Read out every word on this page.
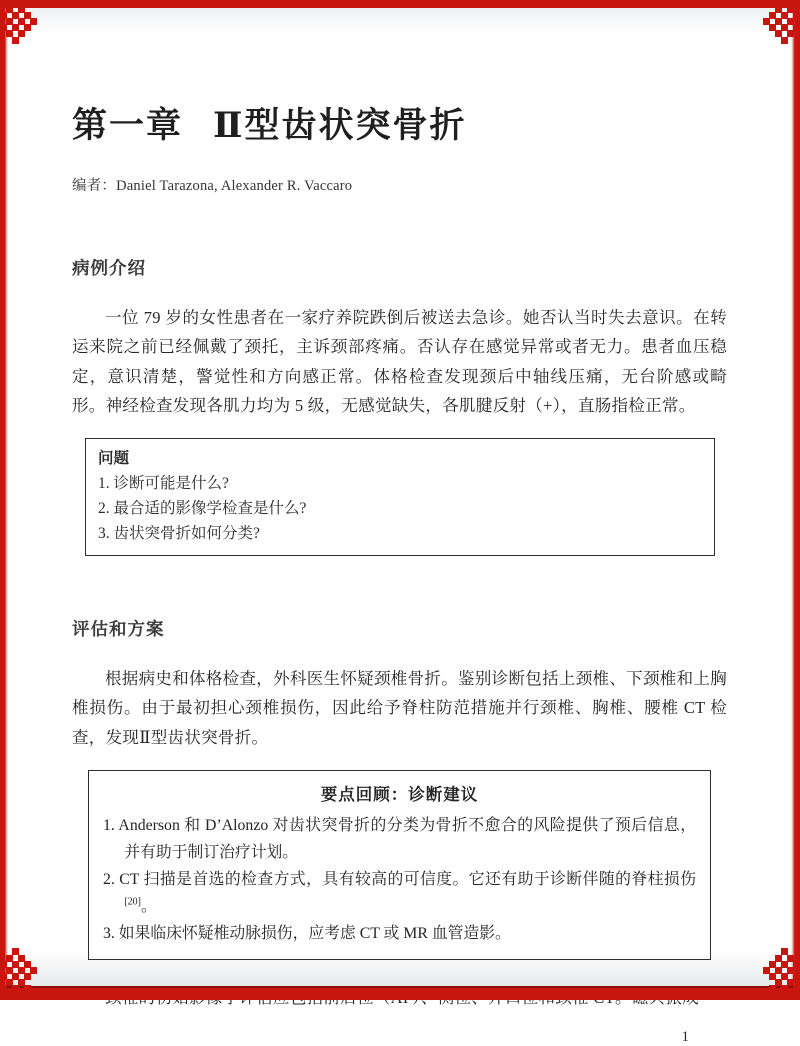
第一章 Ⅱ型齿状突骨折

编者：Daniel Tarazona, Alexander R. Vaccaro

病例介绍

一位 79 岁的女性患者在一家疗养院跌倒后被送去急诊。她否认当时失去意识。在转运来院之前已经佩戴了颈托，主诉颈部疼痛。否认存在感觉异常或者无力。患者血压稳定，意识清楚，警觉性和方向感正常。体格检查发现颈后中轴线压痛，无台阶感或畸形。神经检查发现各肌力均为 5 级，无感觉缺失，各肌腱反射（+），直肠指检正常。

问题
1. 诊断可能是什么?
2. 最合适的影像学检查是什么?
3. 齿状突骨折如何分类?
评估和方案

根据病史和体格检查，外科医生怀疑颈椎骨折。鉴别诊断包括上颈椎、下颈椎和上胸椎损伤。由于最初担心颈椎损伤，因此给予脊柱防范措施并行颈椎、胸椎、腰椎 CT 检查，发现Ⅱ型齿状突骨折。

要点回顾：诊断建议
1. Anderson 和 D’Alonzo 对齿状突骨折的分类为骨折不愈合的风险提供了预后信息，并有助于制订治疗计划。
2. CT 扫描是首选的检查方式，具有较高的可信度。它还有助于诊断伴随的脊柱损伤[20]。
3. 如果临床怀疑椎动脉损伤，应考虑 CT 或 MR 血管造影。

1
